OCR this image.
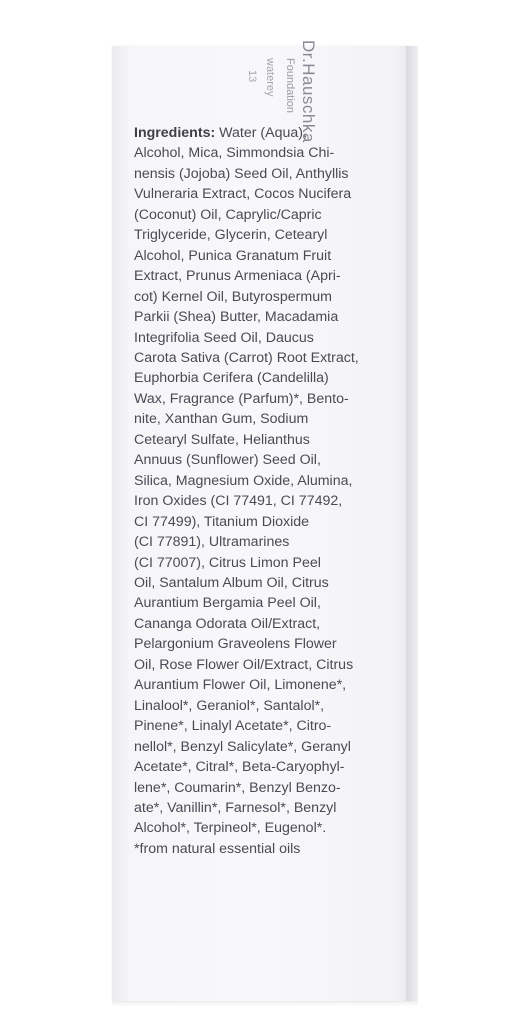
Dr.Hauschka
Foundation
waterey
13
Ingredients: Water (Aqua),
Alcohol, Mica, Simmondsia Chi-
nensis (Jojoba) Seed Oil, Anthyllis
Vulneraria Extract, Cocos Nucifera
(Coconut) Oil, Caprylic/Capric
Triglyceride, Glycerin, Cetearyl
Alcohol, Punica Granatum Fruit
Extract, Prunus Armeniaca (Apri-
cot) Kernel Oil, Butyrospermum
Parkii (Shea) Butter, Macadamia
Integrifolia Seed Oil, Daucus
Carota Sativa (Carrot) Root Extract,
Euphorbia Cerifera (Candelilla)
Wax, Fragrance (Parfum)*, Bento-
nite, Xanthan Gum, Sodium
Cetearyl Sulfate, Helianthus
Annuus (Sunflower) Seed Oil,
Silica, Magnesium Oxide, Alumina,
Iron Oxides (CI 77491, CI 77492,
CI 77499), Titanium Dioxide
(CI 77891), Ultramarines
(CI 77007), Citrus Limon Peel
Oil, Santalum Album Oil, Citrus
Aurantium Bergamia Peel Oil,
Cananga Odorata Oil/Extract,
Pelargonium Graveolens Flower
Oil, Rose Flower Oil/Extract, Citrus
Aurantium Flower Oil, Limonene*,
Linalool*, Geraniol*, Santalol*,
Pinene*, Linalyl Acetate*, Citro-
nellol*, Benzyl Salicylate*, Geranyl
Acetate*, Citral*, Beta-Caryophyl-
lene*, Coumarin*, Benzyl Benzo-
ate*, Vanillin*, Farnesol*, Benzyl
Alcohol*, Terpineol*, Eugenol*.
*from natural essential oils
